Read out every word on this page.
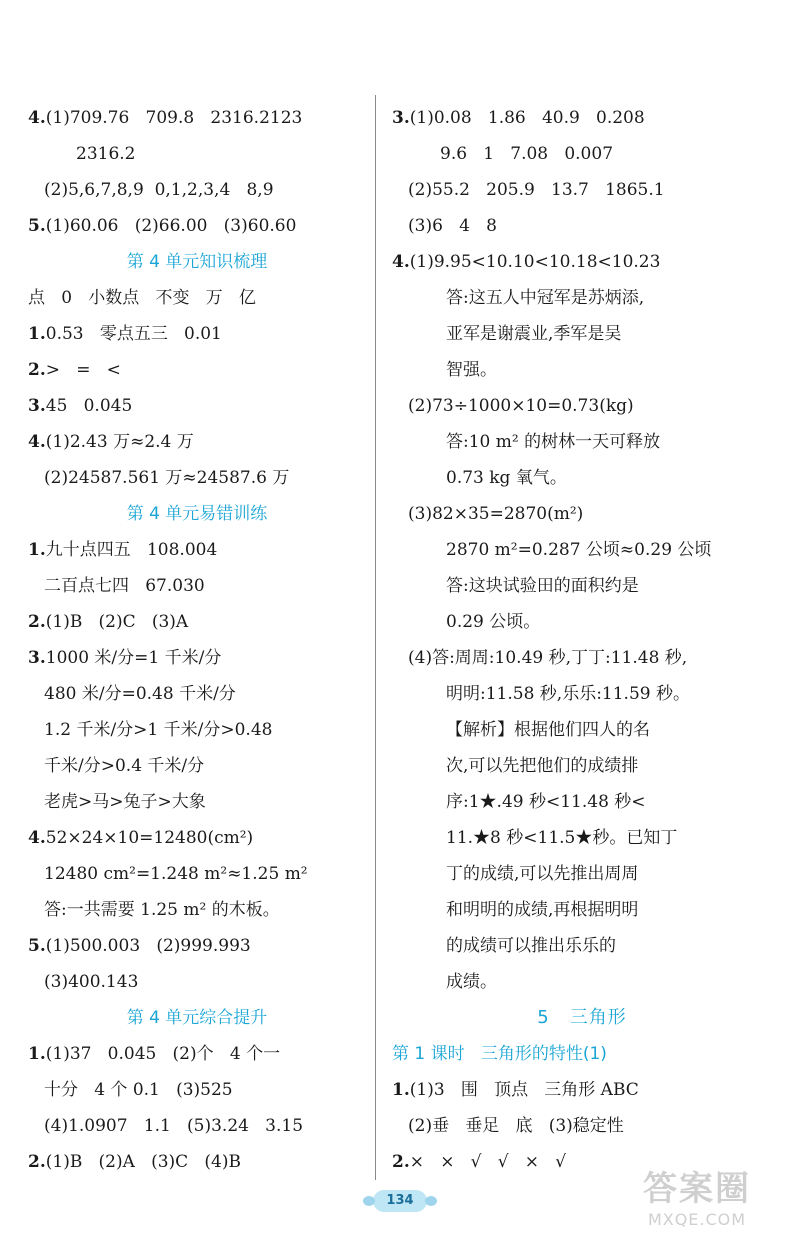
4.(1)709.76   709.8   2316.2123
2316.2
(2)5,6,7,8,9  0,1,2,3,4   8,9
5.(1)60.06   (2)66.00   (3)60.60
第 4 单元知识梳理
点   0   小数点   不变   万   亿
1.0.53   零点五三   0.01
2.>   =   <
3.45   0.045
4.(1)2.43 万≈2.4 万
(2)24587.561 万≈24587.6 万
第 4 单元易错训练
1.九十点四五   108.004
二百点七四   67.030
2.(1)B   (2)C   (3)A
3.1000 米/分=1 千米/分
480 米/分=0.48 千米/分
1.2 千米/分>1 千米/分>0.48
千米/分>0.4 千米/分
老虎>马>兔子>大象
4.52×24×10=12480(cm²)
12480 cm²=1.248 m²≈1.25 m²
答:一共需要 1.25 m² 的木板。
5.(1)500.003   (2)999.993
(3)400.143
第 4 单元综合提升
1.(1)37   0.045   (2)个   4 个一
十分   4 个 0.1   (3)525
(4)1.0907   1.1   (5)3.24   3.15
2.(1)B   (2)A   (3)C   (4)B
3.(1)0.08   1.86   40.9   0.208
9.6   1   7.08   0.007
(2)55.2   205.9   13.7   1865.1
(3)6   4   8
4.(1)9.95<10.10<10.18<10.23
答:这五人中冠军是苏炳添,
亚军是谢震业,季军是吴
智强。
(2)73÷1000×10=0.73(kg)
答:10 m² 的树林一天可释放
0.73 kg 氧气。
(3)82×35=2870(m²)
2870 m²=0.287 公顷≈0.29 公顷
答:这块试验田的面积约是
0.29 公顷。
(4)答:周周:10.49 秒,丁丁:11.48 秒,
明明:11.58 秒,乐乐:11.59 秒。
【解析】根据他们四人的名
次,可以先把他们的成绩排
序:1★.49 秒<11.48 秒<
11.★8 秒<11.5★秒。已知丁
丁的成绩,可以先推出周周
和明明的成绩,再根据明明
的成绩可以推出乐乐的
成绩。
5   三角形
第 1 课时   三角形的特性(1)
1.(1)3   围   顶点   三角形 ABC
(2)垂   垂足   底   (3)稳定性
2.×   ×   √   √   ×   √
134	答案圈
MXQE.COM
